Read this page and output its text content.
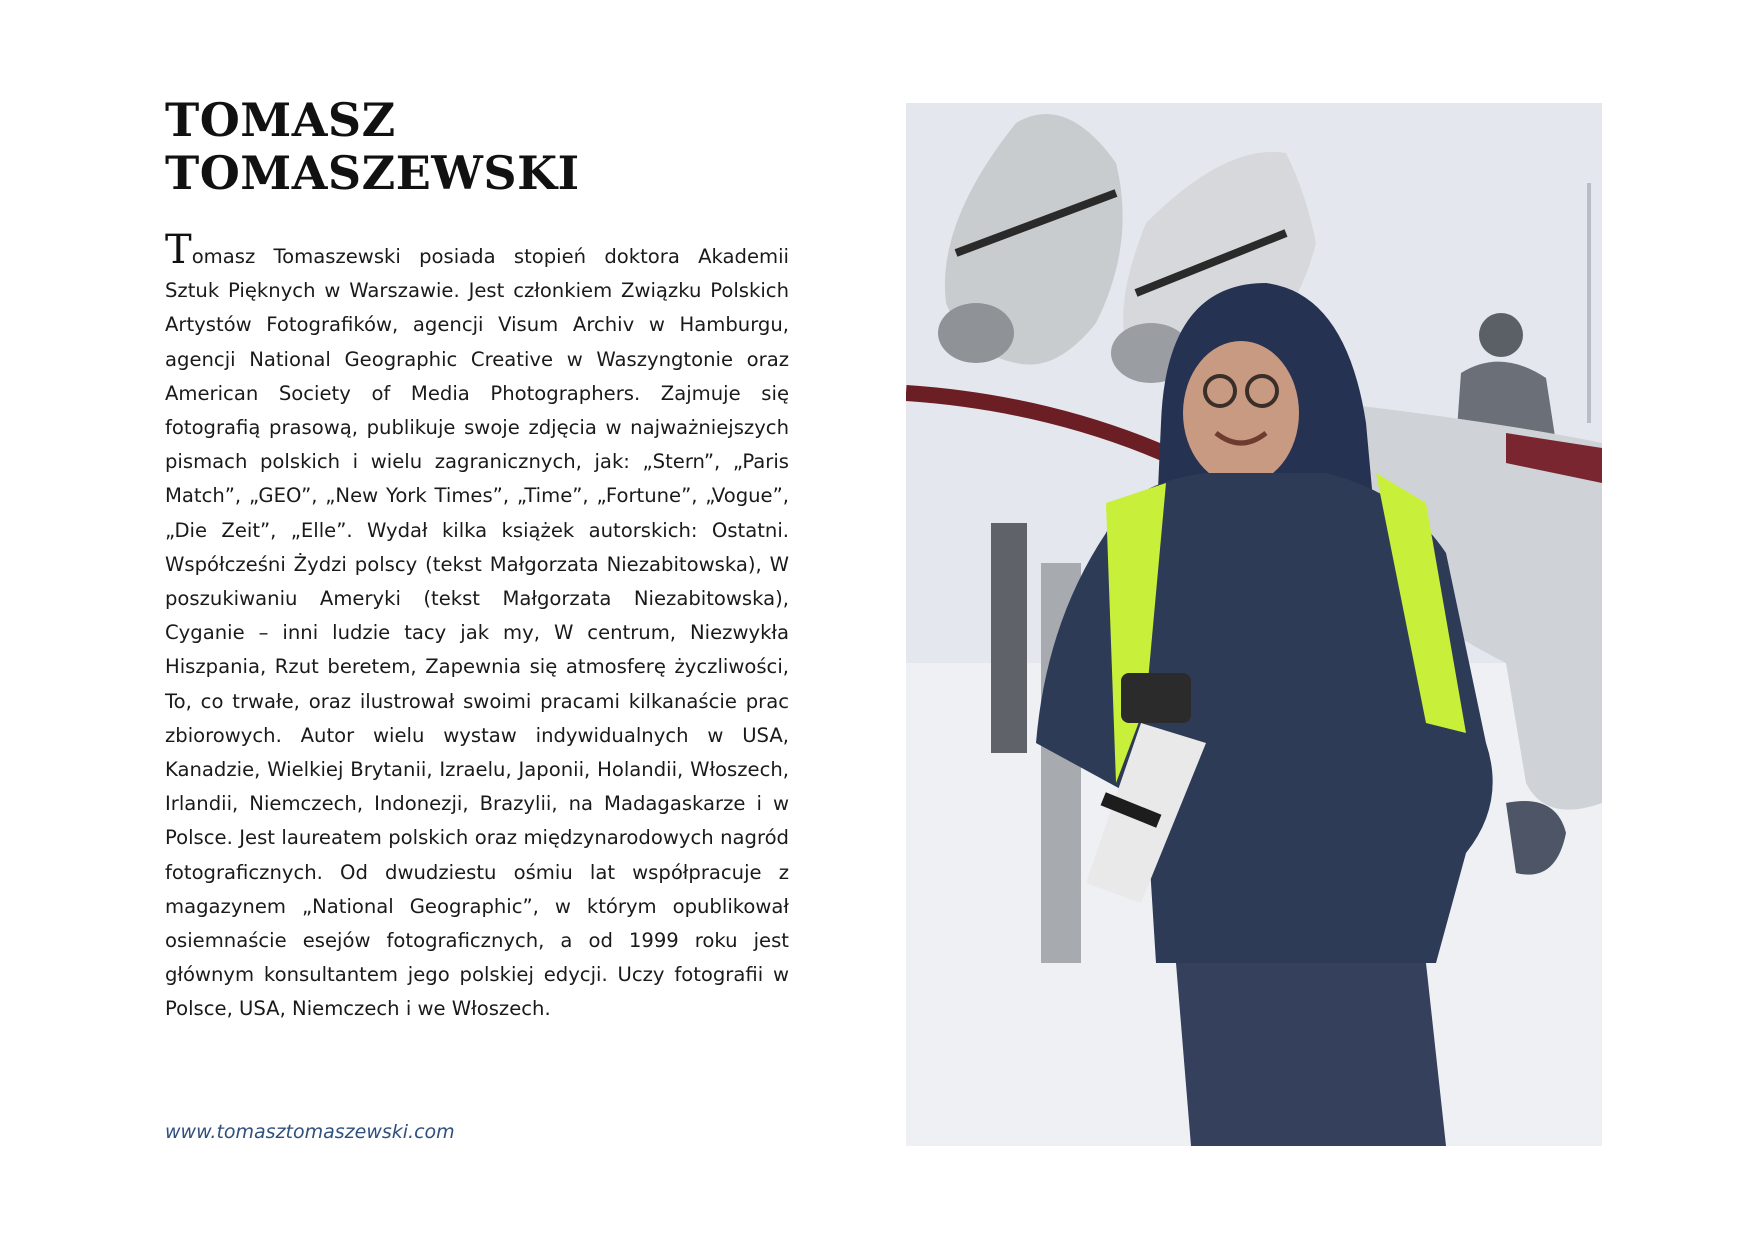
TOMASZ
TOMASZEWSKI

Tomasz Tomaszewski posiada stopień doktora Akademii Sztuk Pięknych w Warszawie. Jest członkiem Związku Polskich Artystów Fotografików, agencji Visum Archiv w Hamburgu, agencji National Geographic Creative w Waszyngtonie oraz American Society of Media Photographers. Zajmuje się fotografią prasową, publikuje swoje zdjęcia w najważniejszych pismach polskich i wielu zagranicznych, jak: „Stern”, „Paris Match”, „GEO”, „New York Times”, „Time”, „Fortune”, „Vogue”, „Die Zeit”, „Elle”. Wydał kilka książek autorskich: Ostatni. Współcześni Żydzi polscy (tekst Małgorzata Niezabitowska), W poszukiwaniu Ameryki (tekst Małgorzata Niezabitowska), Cyganie – inni ludzie tacy jak my, W centrum, Niezwykła Hiszpania, Rzut beretem, Zapewnia się atmosferę życzliwości, To, co trwałe, oraz ilustrował swoimi pracami kilkanaście prac zbiorowych. Autor wielu wystaw indywidualnych w USA, Kanadzie, Wielkiej Brytanii, Izraelu, Japonii, Holandii, Włoszech, Irlandii, Niemczech, Indonezji, Brazylii, na Madagaskarze i w Polsce. Jest laureatem polskich oraz międzynarodowych nagród fotograficznych. Od dwudziestu ośmiu lat współpracuje z magazynem „National Geographic”, w którym opublikował osiemnaście esejów fotograficznych, a od 1999 roku jest głównym konsultantem jego polskiej edycji. Uczy fotografii w Polsce, USA, Niemczech i we Włoszech.

www.tomasztomaszewski.com
